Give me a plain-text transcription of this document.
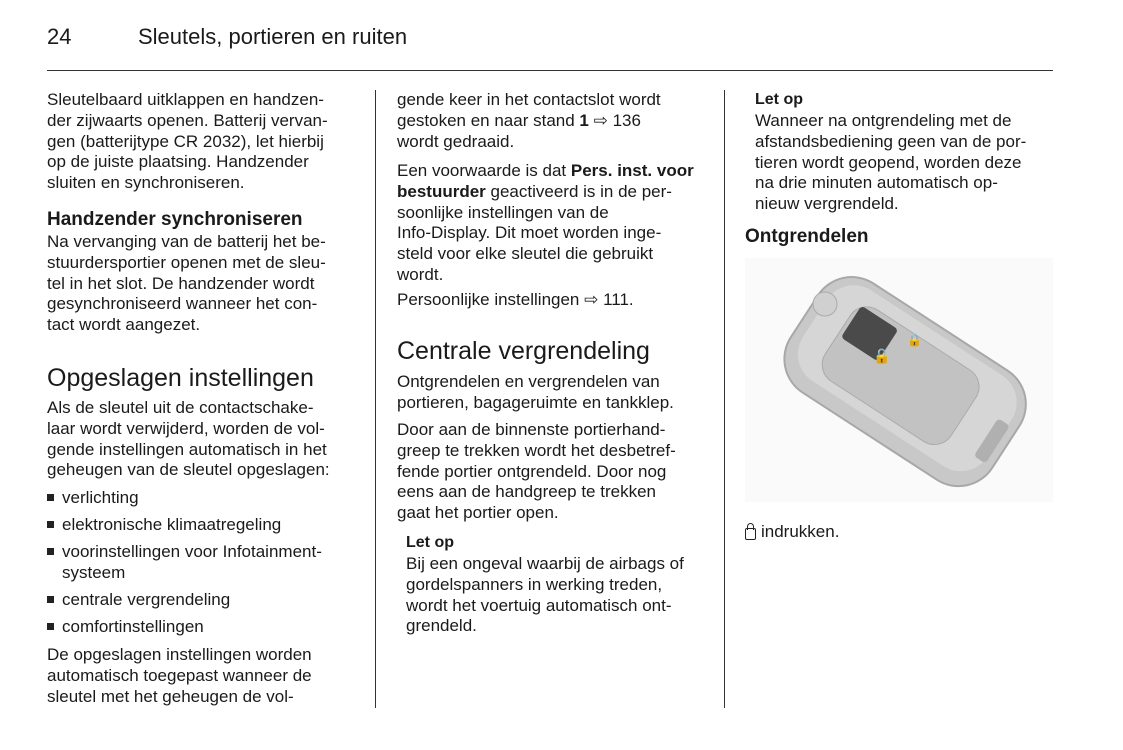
24	Sleutels, portieren en ruiten
Sleutelbaard uitklappen en handzen-
der zijwaarts openen. Batterij vervan-
gen (batterijtype CR 2032), let hierbij
op de juiste plaatsing. Handzender
sluiten en synchroniseren.
Handzender synchroniseren
Na vervanging van de batterij het be-
stuurdersportier openen met de sleu-
tel in het slot. De handzender wordt
gesynchroniseerd wanneer het con-
tact wordt aangezet.
Opgeslagen instellingen
Als de sleutel uit de contactschake-
laar wordt verwijderd, worden de vol-
gende instellingen automatisch in het
geheugen van de sleutel opgeslagen:
verlichting
elektronische klimaatregeling
voorinstellingen voor Infotainment-
systeem
centrale vergrendeling
comfortinstellingen
De opgeslagen instellingen worden
automatisch toegepast wanneer de
sleutel met het geheugen de vol-
gende keer in het contactslot wordt
gestoken en naar stand 1 ⇨ 136
wordt gedraaid.
Een voorwaarde is dat Pers. inst. voor
bestuurder geactiveerd is in de per-
soonlijke instellingen van de
Info-Display. Dit moet worden inge-
steld voor elke sleutel die gebruikt
wordt.
Persoonlijke instellingen ⇨ 111.
Centrale vergrendeling
Ontgrendelen en vergrendelen van
portieren, bagageruimte en tankklep.
Door aan de binnenste portierhand-
greep te trekken wordt het desbetref-
fende portier ontgrendeld. Door nog
eens aan de handgreep te trekken
gaat het portier open.
Let op
Bij een ongeval waarbij de airbags of
gordelspanners in werking treden,
wordt het voertuig automatisch ont-
grendeld.
Let op
Wanneer na ontgrendeling met de
afstandsbediening geen van de por-
tieren wordt geopend, worden deze
na drie minuten automatisch op-
nieuw vergrendeld.
Ontgrendelen
🔓
🔒
indrukken.
